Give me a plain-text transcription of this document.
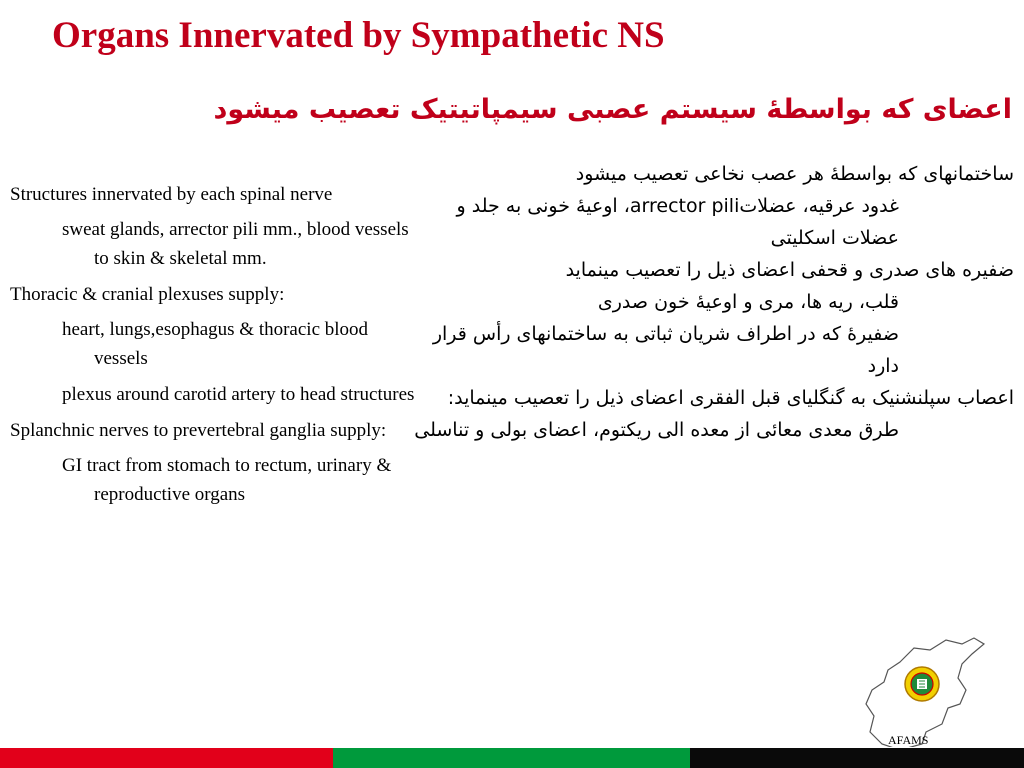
Organs Innervated by Sympathetic NS
اعضای که بواسطهٔ سیستم عصبی سیمپاتیتیک تعصیب میشود
Structures innervated by each spinal nerve
sweat glands, arrector pili mm., blood vessels to skin & skeletal mm.
Thoracic & cranial plexuses supply:
heart, lungs,esophagus & thoracic blood vessels
plexus around carotid artery to head structures
Splanchnic nerves to prevertebral ganglia supply:
GI tract from stomach to rectum, urinary & reproductive organs
ساختمانهای که بواسطهٔ هر عصب نخاعی تعصیب میشود
غدود عرقیه، عضلاتarrector pili، اوعیهٔ خونی به جلد و عضلات اسکلیتی
ضفیره های صدری و قحفی اعضای ذیل را تعصیب مینماید
قلب، ریه ها، مری و اوعیهٔ خون صدری
ضفیرهٔ که در اطراف شریان ثباتی به ساختمانهای رأس قرار دارد
اعصاب سپلنشنیک به گنگلیای قبل الفقری اعضای ذیل را تعصیب مینماید:
طرق معدی معائی از معده الی ریکتوم، اعضای بولی و تناسلی
AFAMS
